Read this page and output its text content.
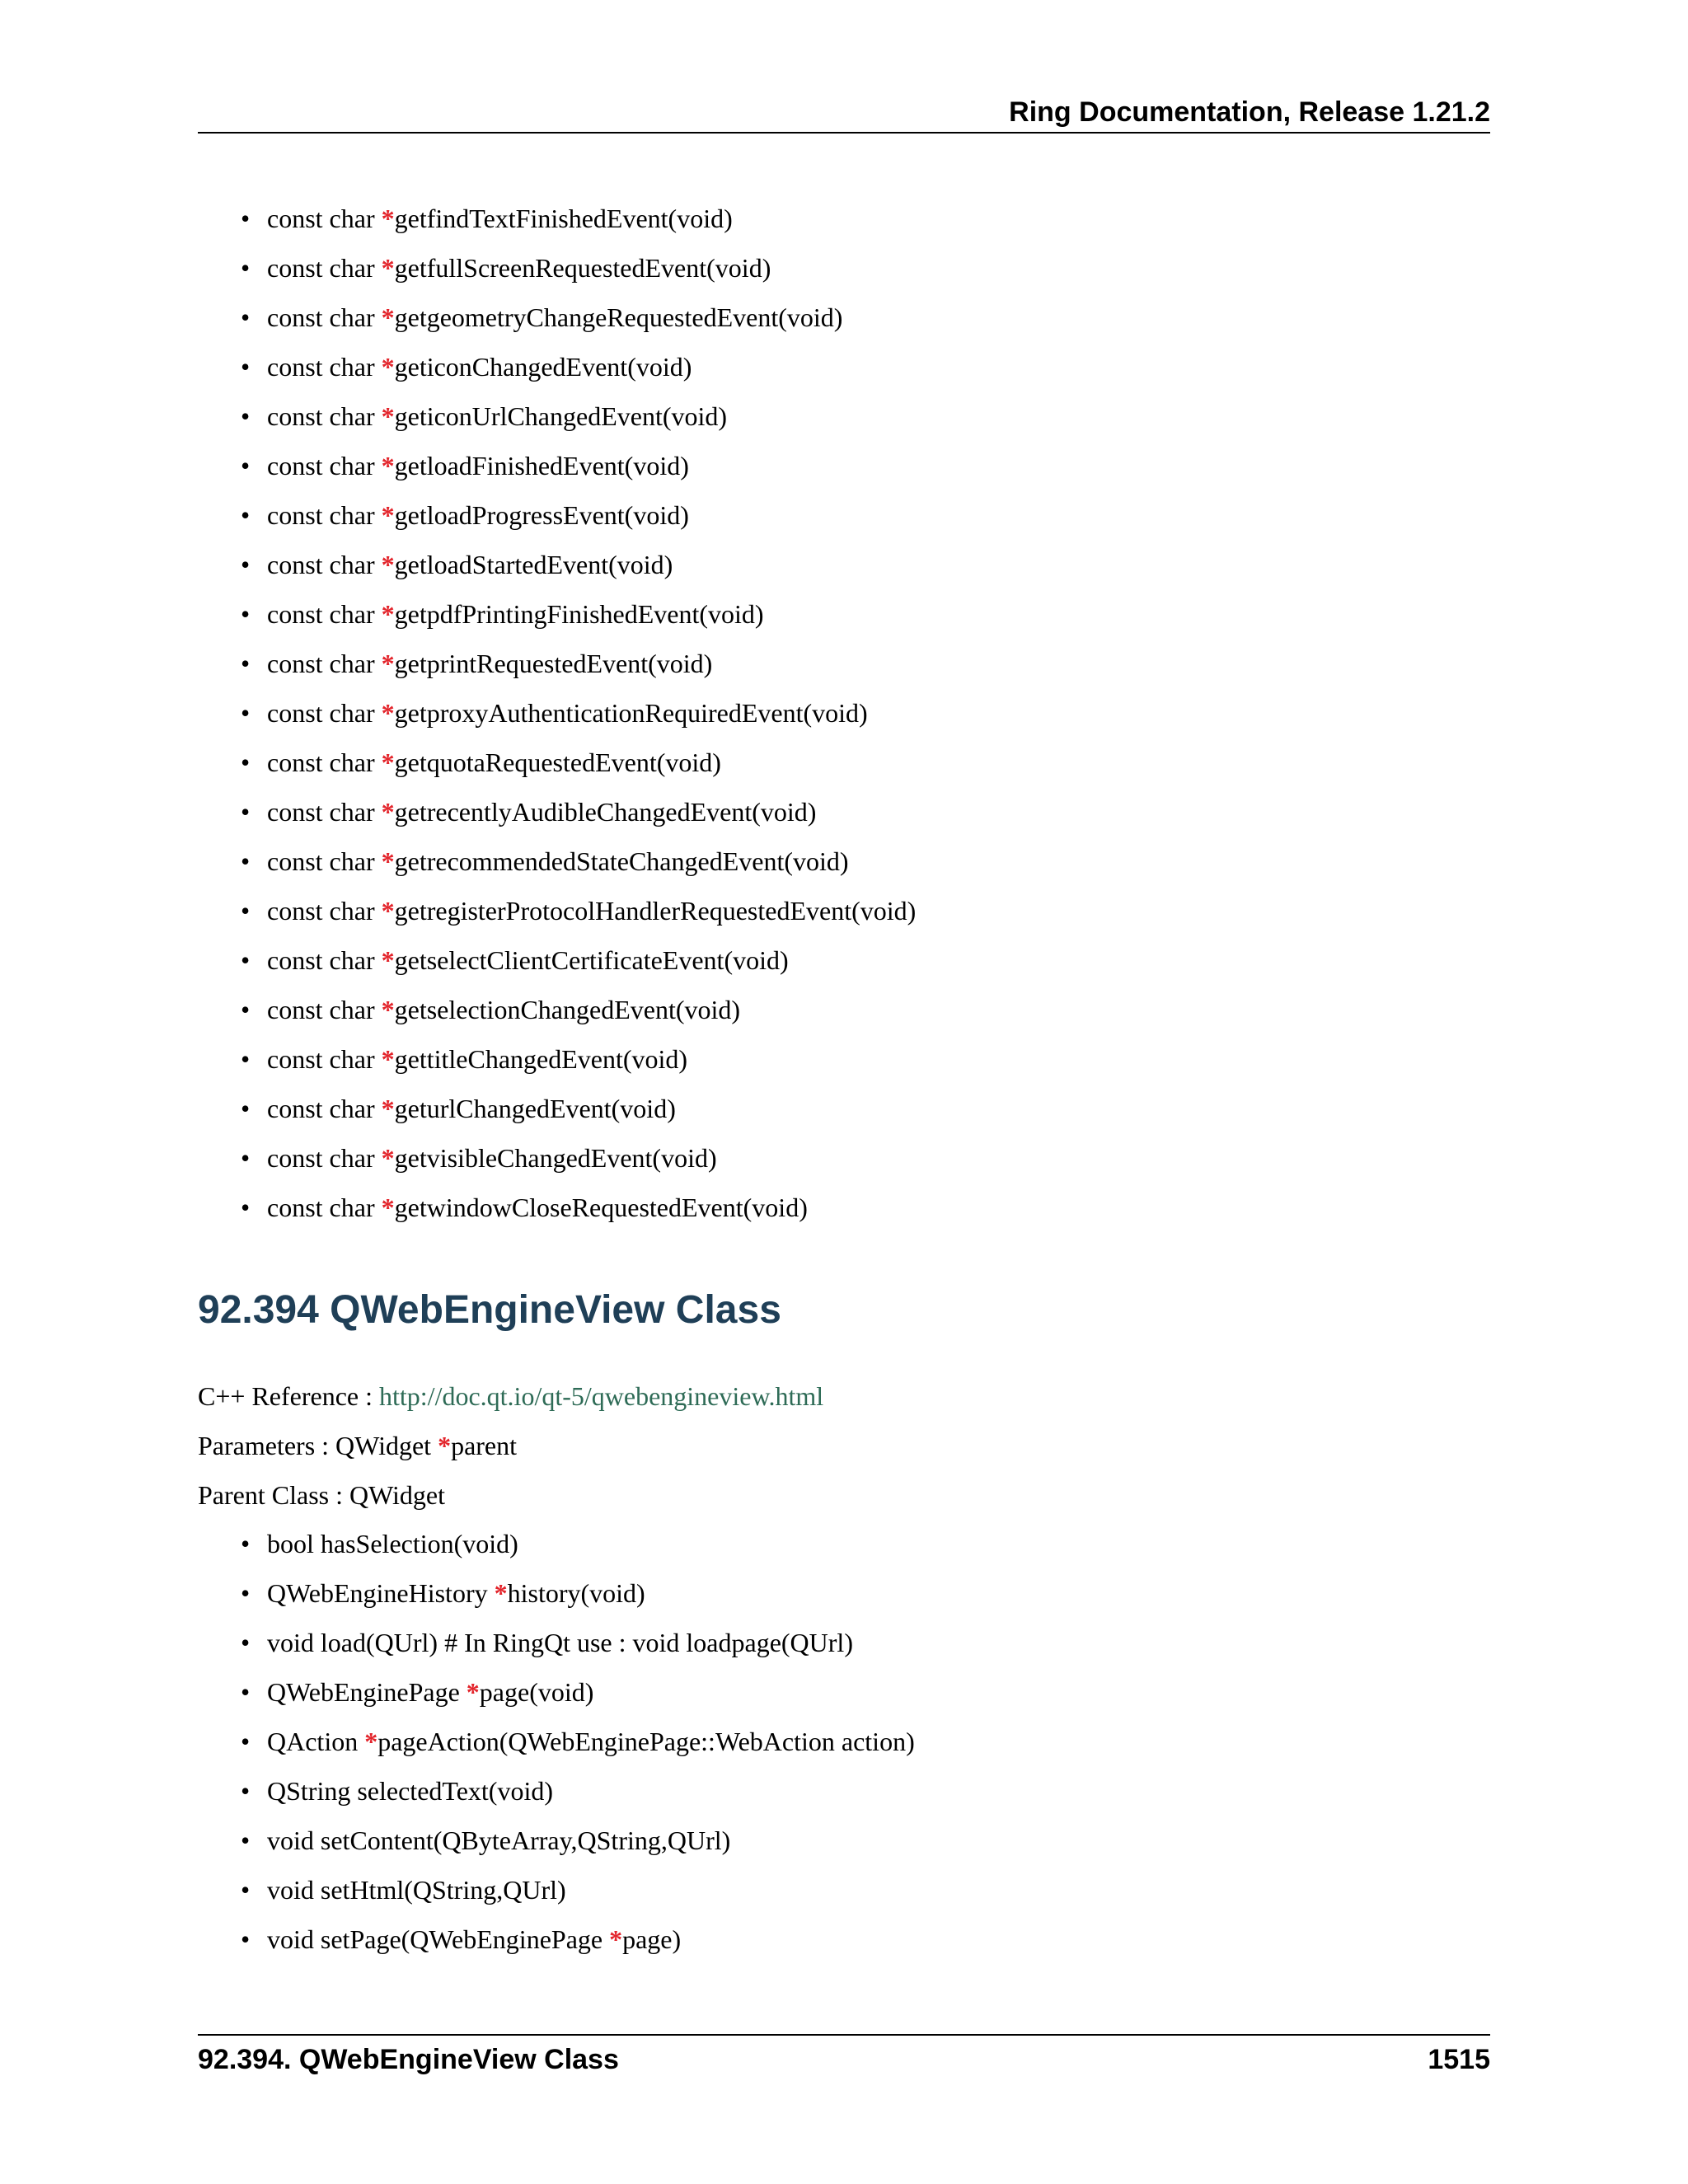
Ring Documentation, Release 1.21.2
• const char *getfindTextFinishedEvent(void)
• const char *getfullScreenRequestedEvent(void)
• const char *getgeometryChangeRequestedEvent(void)
• const char *geticonChangedEvent(void)
• const char *geticonUrlChangedEvent(void)
• const char *getloadFinishedEvent(void)
• const char *getloadProgressEvent(void)
• const char *getloadStartedEvent(void)
• const char *getpdfPrintingFinishedEvent(void)
• const char *getprintRequestedEvent(void)
• const char *getproxyAuthenticationRequiredEvent(void)
• const char *getquotaRequestedEvent(void)
• const char *getrecentlyAudibleChangedEvent(void)
• const char *getrecommendedStateChangedEvent(void)
• const char *getregisterProtocolHandlerRequestedEvent(void)
• const char *getselectClientCertificateEvent(void)
• const char *getselectionChangedEvent(void)
• const char *gettitleChangedEvent(void)
• const char *geturlChangedEvent(void)
• const char *getvisibleChangedEvent(void)
• const char *getwindowCloseRequestedEvent(void)
92.394 QWebEngineView Class
C++ Reference : http://doc.qt.io/qt-5/qwebengineview.html
Parameters : QWidget *parent
Parent Class : QWidget
• bool hasSelection(void)
• QWebEngineHistory *history(void)
• void load(QUrl) # In RingQt use : void loadpage(QUrl)
• QWebEnginePage *page(void)
• QAction *pageAction(QWebEnginePage::WebAction action)
• QString selectedText(void)
• void setContent(QByteArray,QString,QUrl)
• void setHtml(QString,QUrl)
• void setPage(QWebEnginePage *page)
92.394. QWebEngineView Class	1515
